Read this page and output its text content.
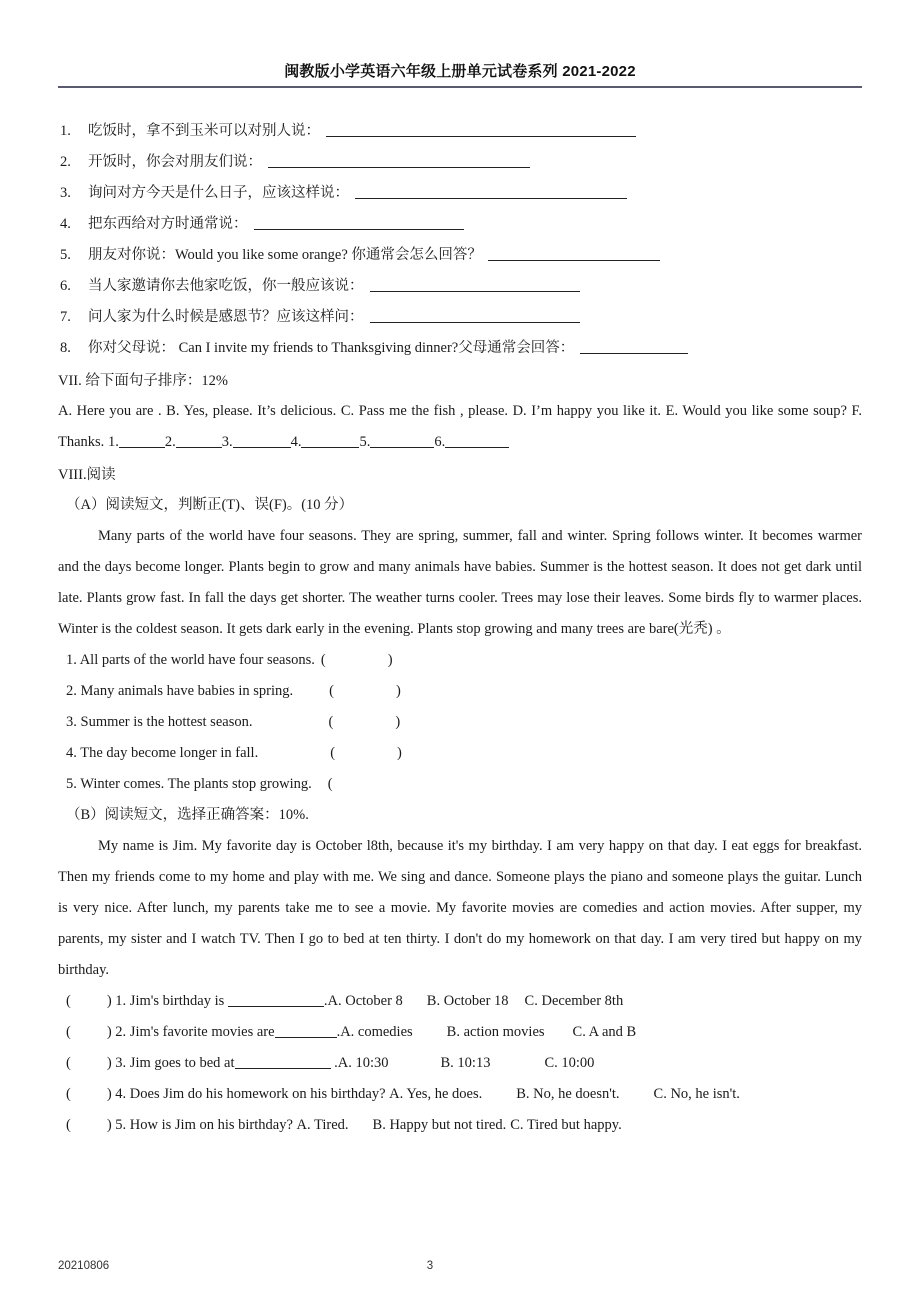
闽教版小学英语六年级上册单元试卷系列 2021-2022
1.	吃饭时，拿不到玉米可以对别人说：
2.	开饭时，你会对朋友们说：
3.	询问对方今天是什么日子，应该这样说：
4.	把东西给对方时通常说：
5.	朋友对你说：Would you like some orange? 你通常会怎么回答？
6.	当人家邀请你去他家吃饭，你一般应该说：
7.	问人家为什么时候是感恩节？应该这样问：
8.	你对父母说： Can I invite my friends to Thanksgiving dinner?父母通常会回答：
VII. 给下面句子排序：12%
A. Here you are . B. Yes, please. It’s delicious. C. Pass me the fish , please. D. I’m happy you like it. E. Would you like some soup? F. Thanks. 1.	2.	3.	4.	5.	6.
VIII.阅读
（A）阅读短文，判断正(T)、误(F)。(10 分）
Many parts of the world have four seasons. They are spring, summer, fall and winter. Spring follows winter. It becomes warmer and the days become longer. Plants begin to grow and many animals have babies. Summer is the hottest season. It does not get dark until late. Plants grow fast. In fall the days get shorter. The weather turns cooler. Trees may lose their leaves. Some birds fly to warmer places. Winter is the coldest season. It gets dark early in the evening. Plants stop growing and many trees are bare(光秃) 。
1. All parts of the world have four seasons. (	)
2. Many animals have babies in spring. (	)
3. Summer is the hottest season.	(	)
4. The day become longer in fall.	(	)
5. Winter comes. The plants stop growing. (
（B）阅读短文，选择正确答案：10%.
My name is Jim. My favorite day is October l8th, because it's my birthday. I am very happy on that day. I eat eggs for breakfast. Then my friends come to my home and play with me. We sing and dance. Someone plays the piano and someone plays the guitar. Lunch is very nice. After lunch, my parents take me to see a movie. My favorite movies are comedies and action movies. After supper, my parents, my sister and I watch TV. Then I go to bed at ten thirty. I don't do my homework on that day. I am very tired but happy on my birthday.
( ) 1. Jim's birthday is	.A. October 8 B. October 18 C. December 8th
( ) 2. Jim's favorite movies are	.A. comedies B. action movies C. A and B
( ) 3. Jim goes to bed at	.A. 10:30	B. 10:13	C. 10:00
( ) 4. Does Jim do his homework on his birthday? A. Yes, he does. B. No, he doesn't. C. No, he isn't.
( ) 5. How is Jim on his birthday? A. Tired. B. Happy but not tired. C. Tired but happy.
20210806	3
